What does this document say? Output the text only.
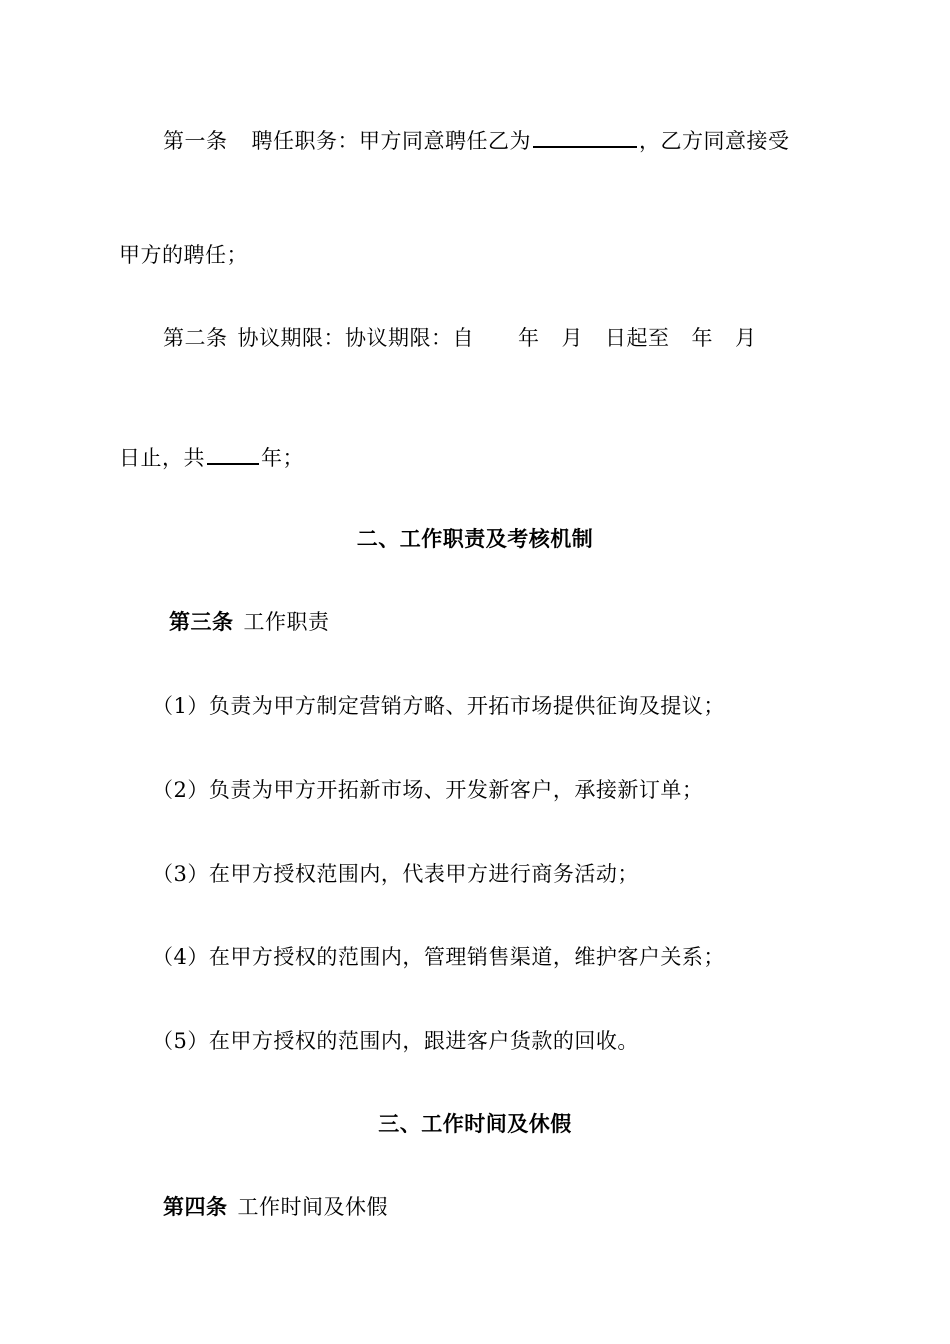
第一条 聘任职务：甲方同意聘任乙为	，乙方同意接受
甲方的聘任；
第二条 协议期限：协议期限：自 年 月 日起至 年 月
日止，共	年；
二、工作职责及考核机制
第三条 工作职责
（1）负责为甲方制定营销方略、开拓市场提供征询及提议；
（2）负责为甲方开拓新市场、开发新客户，承接新订单；
（3）在甲方授权范围内，代表甲方进行商务活动；
（4）在甲方授权的范围内，管理销售渠道，维护客户关系；
（5）在甲方授权的范围内，跟进客户货款的回收。
三、工作时间及休假
第四条 工作时间及休假
